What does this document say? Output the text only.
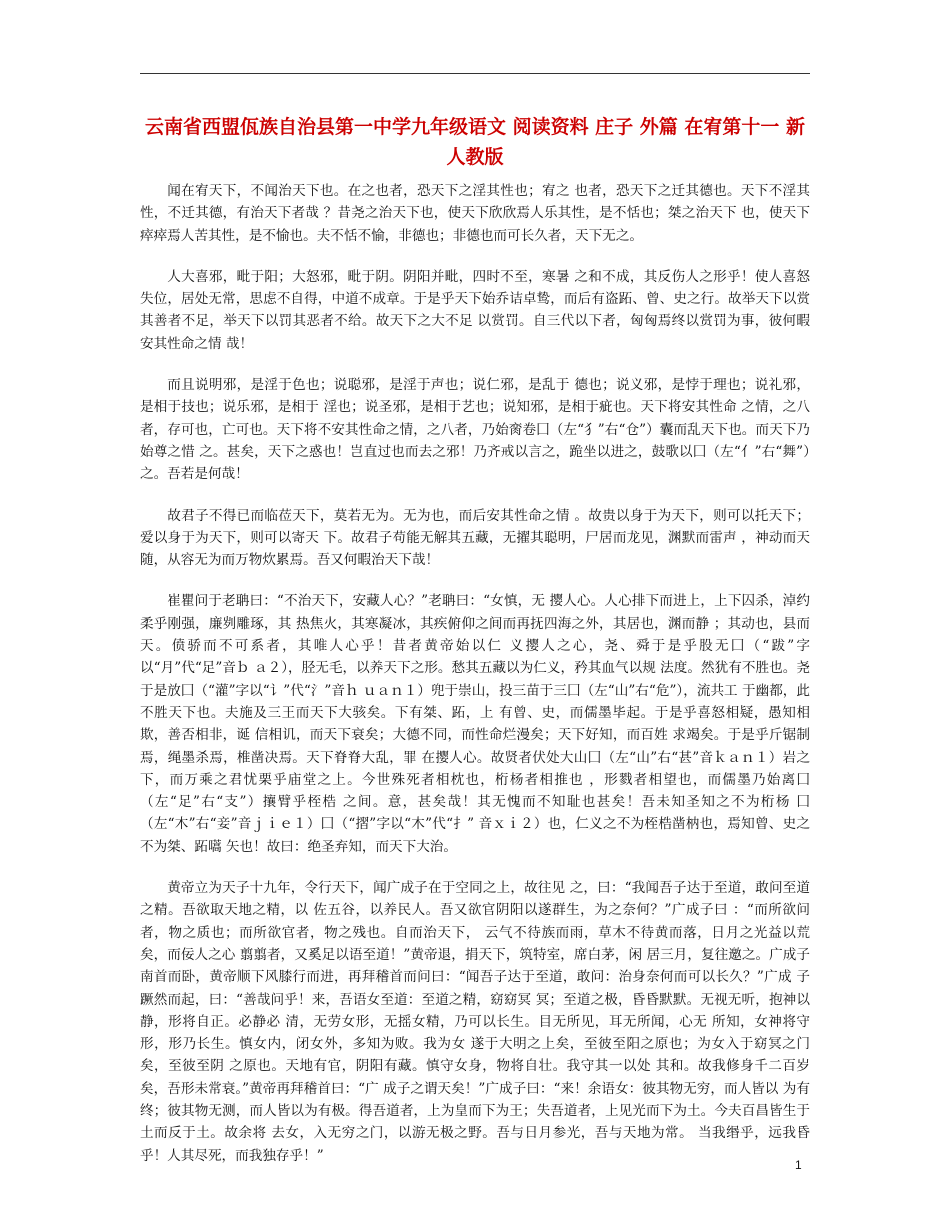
云南省西盟佤族自治县第一中学九年级语文 阅读资料 庄子 外篇 在宥第十一 新人教版

闻在宥天下，不闻治天下也。在之也者，恐天下之淫其性也；宥之 也者，恐天下之迁其德也。天下不淫其性，不迁其德，有治天下者哉 ？昔尧之治天下也，使天下欣欣焉人乐其性，是不恬也；桀之治天下 也，使天下瘁瘁焉人苦其性，是不愉也。夫不恬不愉，非德也；非德也而可长久者，天下无之。

人大喜邪，毗于阳；大怒邪，毗于阴。阴阳并毗，四时不至，寒暑 之和不成，其反伤人之形乎！使人喜怒失位，居处无常，思虑不自得，中道不成章。于是乎天下始乔诘卓鸷，而后有盗跖、曾、史之行。故举天下以赏其善者不足，举天下以罚其恶者不给。故天下之大不足 以赏罚。自三代以下者，匈匈焉终以赏罚为事，彼何暇安其性命之情 哉！

而且说明邪，是淫于色也；说聪邪，是淫于声也；说仁邪，是乱于 德也；说义邪，是悖于理也；说礼邪，是相于技也；说乐邪，是相于 淫也；说圣邪，是相于艺也；说知邪，是相于疵也。天下将安其性命 之情，之八者，存可也，亡可也。天下将不安其性命之情，之八者，乃始脔卷囗（左“犭”右“仓”）囊而乱天下也。而天下乃始尊之惜 之。甚矣，天下之惑也！岂直过也而去之邪！乃齐戒以言之，跪坐以进之，鼓歌以囗（左“亻”右“舞”）之。吾若是何哉！

故君子不得已而临莅天下，莫若无为。无为也，而后安其性命之情 。故贵以身于为天下，则可以托天下；爱以身于为天下，则可以寄天 下。故君子苟能无解其五藏，无擢其聪明，尸居而龙见，渊默而雷声 ，神动而天随，从容无为而万物炊累焉。吾又何暇治天下哉！

崔瞿问于老聃曰：“不治天下，安藏人心？”老聃曰：“女慎，无 撄人心。人心排下而进上，上下囚杀，淖约柔乎刚强，廉刿雕琢，其 热焦火，其寒凝冰，其疾俯仰之间而再抚四海之外，其居也，渊而静 ；其动也，县而天。偾骄而不可系者，其唯人心乎！昔者黄帝始以仁 义撄人之心，尧、舜于是乎股无囗（“跋”字以“月”代“足”音ｂ ａ２），胫无毛，以养天下之形。愁其五藏以为仁义，矜其血气以规 法度。然犹有不胜也。尧于是放囗（“灌”字以“讠”代“氵”音ｈ ｕａｎ１）兜于崇山，投三苗于三囗（左“山”右“危”），流共工 于幽都，此不胜天下也。夫施及三王而天下大骇矣。下有桀、跖，上 有曾、史，而儒墨毕起。于是乎喜怒相疑，愚知相欺，善否相非，诞 信相讥，而天下衰矣；大德不同，而性命烂漫矣；天下好知，而百姓 求竭矣。于是乎斤锯制焉，绳墨杀焉，椎凿决焉。天下脊脊大乱，罪 在撄人心。故贤者伏处大山囗（左“山”右“甚”音ｋａｎ１）岩之 下，而万乘之君忧栗乎庙堂之上。今世殊死者相枕也，桁杨者相推也 ，形戮者相望也，而儒墨乃始离囗（左“足”右“支”）攘臂乎桎梏 之间。意，甚矣哉！其无愧而不知耻也甚矣！吾未知圣知之不为桁杨 囗（左“木”右“妾”音ｊｉｅ１）囗（“摺”字以“木”代“扌” 音ｘｉ２）也，仁义之不为桎梏凿枘也，焉知曾、史之不为桀、跖嚆 矢也！故曰：绝圣弃知，而天下大治。

黄帝立为天子十九年，令行天下，闻广成子在于空同之上，故往见 之，曰：“我闻吾子达于至道，敢问至道之精。吾欲取天地之精，以 佐五谷，以养民人。吾又欲官阴阳以遂群生，为之奈何？”广成子曰 ：“而所欲问者，物之质也；而所欲官者，物之残也。自而治天下， 云气不待族而雨，草木不待黄而落，日月之光益以荒矣，而佞人之心 翦翦者，又奚足以语至道！”黄帝退，捐天下，筑特室，席白茅，闲 居三月，复往邀之。广成子南首而卧，黄帝顺下风膝行而进，再拜稽首而问曰：“闻吾子达于至道，敢问：治身奈何而可以长久？”广成 子蹶然而起，曰：“善哉问乎！来，吾语女至道：至道之精，窈窈冥 冥；至道之极，昏昏默默。无视无听，抱神以静，形将自正。必静必 清，无劳女形，无摇女精，乃可以长生。目无所见，耳无所闻，心无 所知，女神将守形，形乃长生。慎女内，闭女外，多知为败。我为女 遂于大明之上矣，至彼至阳之原也；为女入于窈冥之门矣，至彼至阴 之原也。天地有官，阴阳有藏。慎守女身，物将自壮。我守其一以处 其和。故我修身千二百岁矣，吾形未常衰。”黄帝再拜稽首曰：“广 成子之谓天矣！”广成子曰：“来！余语女：彼其物无穷，而人皆以 为有终；彼其物无测，而人皆以为有极。得吾道者，上为皇而下为王；失吾道者，上见光而下为土。今夫百昌皆生于土而反于土。故余将 去女，入无穷之门，以游无极之野。吾与日月参光，吾与天地为常。 当我缗乎，远我昏乎！人其尽死，而我独存乎！”

1
